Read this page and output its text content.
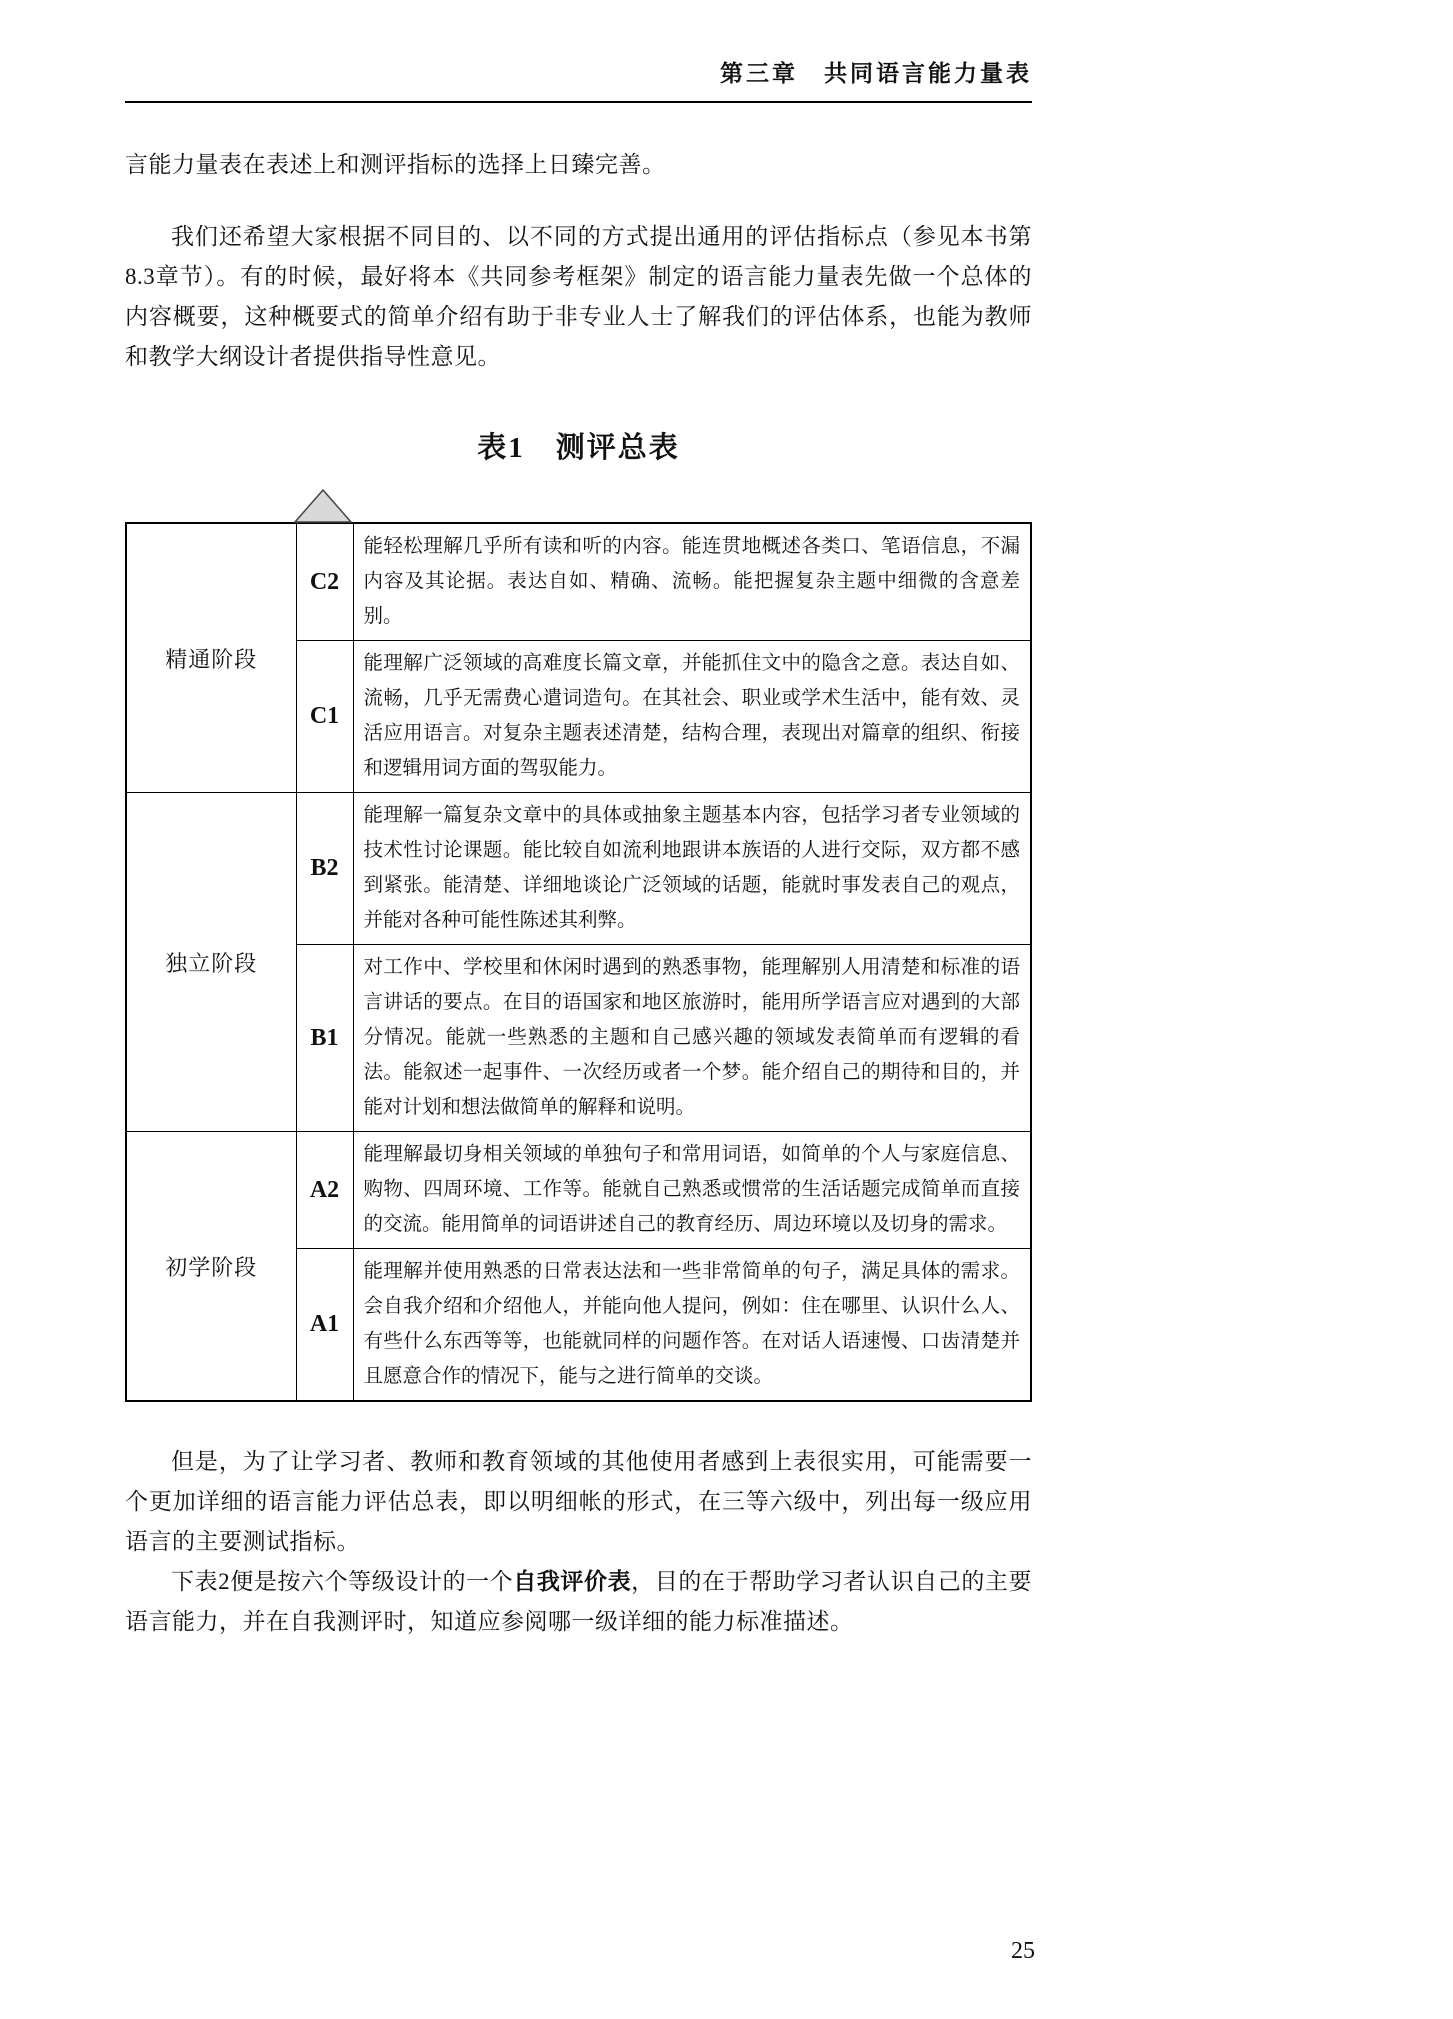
第三章　共同语言能力量表

言能力量表在表述上和测评指标的选择上日臻完善。

我们还希望大家根据不同目的、以不同的方式提出通用的评估指标点（参见本书第8.3章节）。有的时候，最好将本《共同参考框架》制定的语言能力量表先做一个总体的内容概要，这种概要式的简单介绍有助于非专业人士了解我们的评估体系，也能为教师和教学大纲设计者提供指导性意见。

表1　测评总表
精通阶段	C2	能轻松理解几乎所有读和听的内容。能连贯地概述各类口、笔语信息，不漏内容及其论据。表达自如、精确、流畅。能把握复杂主题中细微的含意差别。
	C1	能理解广泛领域的高难度长篇文章，并能抓住文中的隐含之意。表达自如、流畅，几乎无需费心遣词造句。在其社会、职业或学术生活中，能有效、灵活应用语言。对复杂主题表述清楚，结构合理，表现出对篇章的组织、衔接和逻辑用词方面的驾驭能力。
独立阶段	B2	能理解一篇复杂文章中的具体或抽象主题基本内容，包括学习者专业领域的技术性讨论课题。能比较自如流利地跟讲本族语的人进行交际，双方都不感到紧张。能清楚、详细地谈论广泛领域的话题，能就时事发表自己的观点，并能对各种可能性陈述其利弊。
	B1	对工作中、学校里和休闲时遇到的熟悉事物，能理解别人用清楚和标准的语言讲话的要点。在目的语国家和地区旅游时，能用所学语言应对遇到的大部分情况。能就一些熟悉的主题和自己感兴趣的领域发表简单而有逻辑的看法。能叙述一起事件、一次经历或者一个梦。能介绍自己的期待和目的，并能对计划和想法做简单的解释和说明。
初学阶段	A2	能理解最切身相关领域的单独句子和常用词语，如简单的个人与家庭信息、购物、四周环境、工作等。能就自己熟悉或惯常的生活话题完成简单而直接的交流。能用简单的词语讲述自己的教育经历、周边环境以及切身的需求。
	A1	能理解并使用熟悉的日常表达法和一些非常简单的句子，满足具体的需求。会自我介绍和介绍他人，并能向他人提问，例如：住在哪里、认识什么人、有些什么东西等等，也能就同样的问题作答。在对话人语速慢、口齿清楚并且愿意合作的情况下，能与之进行简单的交谈。

但是，为了让学习者、教师和教育领域的其他使用者感到上表很实用，可能需要一个更加详细的语言能力评估总表，即以明细帐的形式，在三等六级中，列出每一级应用语言的主要测试指标。

下表2便是按六个等级设计的一个自我评价表，目的在于帮助学习者认识自己的主要语言能力，并在自我测评时，知道应参阅哪一级详细的能力标准描述。

25
